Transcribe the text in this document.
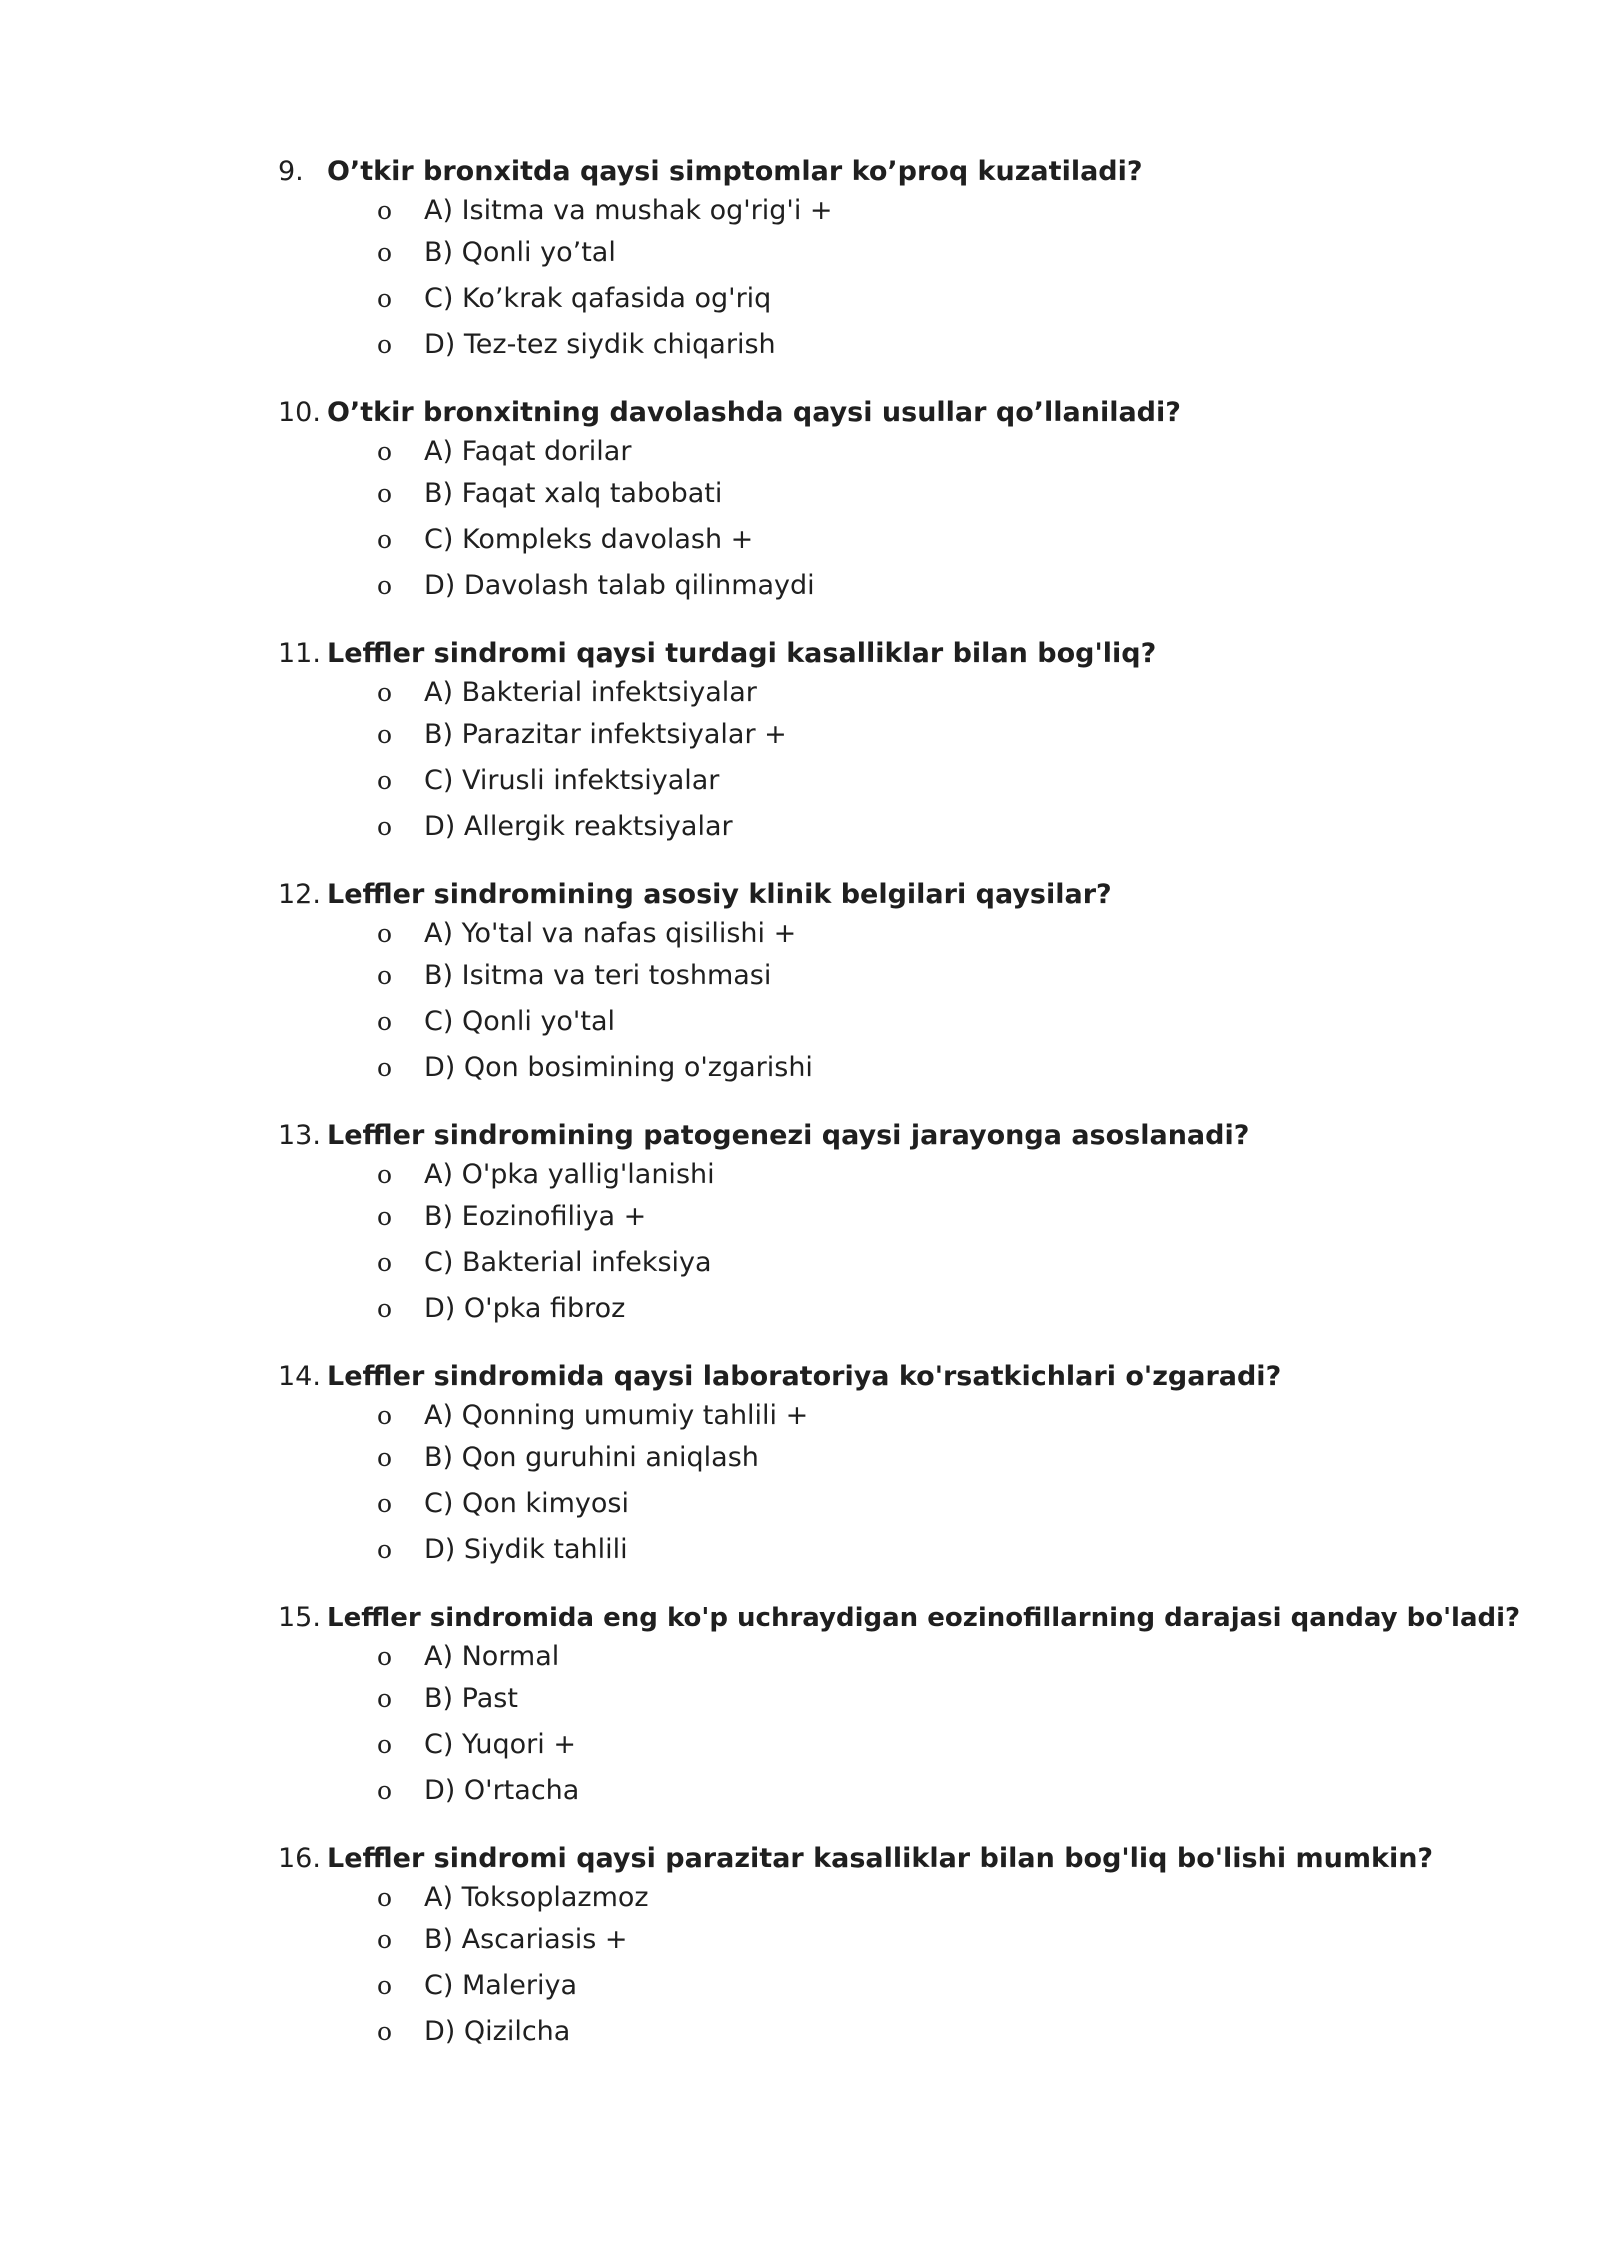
9. O’tkir bronxitda qaysi simptomlar ko’proq kuzatiladi?
o A) Isitma va mushak og'rig'i +
o B) Qonli yo’tal
o C) Ko’krak qafasida og'riq
o D) Tez-tez siydik chiqarish
10. O’tkir bronxitning davolashda qaysi usullar qo’llaniladi?
o A) Faqat dorilar
o B) Faqat xalq tabobati
o C) Kompleks davolash +
o D) Davolash talab qilinmaydi
11. Leffler sindromi qaysi turdagi kasalliklar bilan bog'liq?
o A) Bakterial infektsiyalar
o B) Parazitar infektsiyalar +
o C) Virusli infektsiyalar
o D) Allergik reaktsiyalar
12. Leffler sindromining asosiy klinik belgilari qaysilar?
o A) Yo'tal va nafas qisilishi +
o B) Isitma va teri toshmasi
o C) Qonli yo'tal
o D) Qon bosimining o'zgarishi
13. Leffler sindromining patogenezi qaysi jarayonga asoslanadi?
o A) O'pka yallig'lanishi
o B) Eozinofiliya +
o C) Bakterial infeksiya
o D) O'pka fibroz
14. Leffler sindromida qaysi laboratoriya ko'rsatkichlari o'zgaradi?
o A) Qonning umumiy tahlili +
o B) Qon guruhini aniqlash
o C) Qon kimyosi
o D) Siydik tahlili
15. Leffler sindromida eng ko'p uchraydigan eozinofillarning darajasi qanday bo'ladi?
o A) Normal
o B) Past
o C) Yuqori +
o D) O'rtacha
16. Leffler sindromi qaysi parazitar kasalliklar bilan bog'liq bo'lishi mumkin?
o A) Toksoplazmoz
o B) Ascariasis +
o C) Maleriya
o D) Qizilcha
